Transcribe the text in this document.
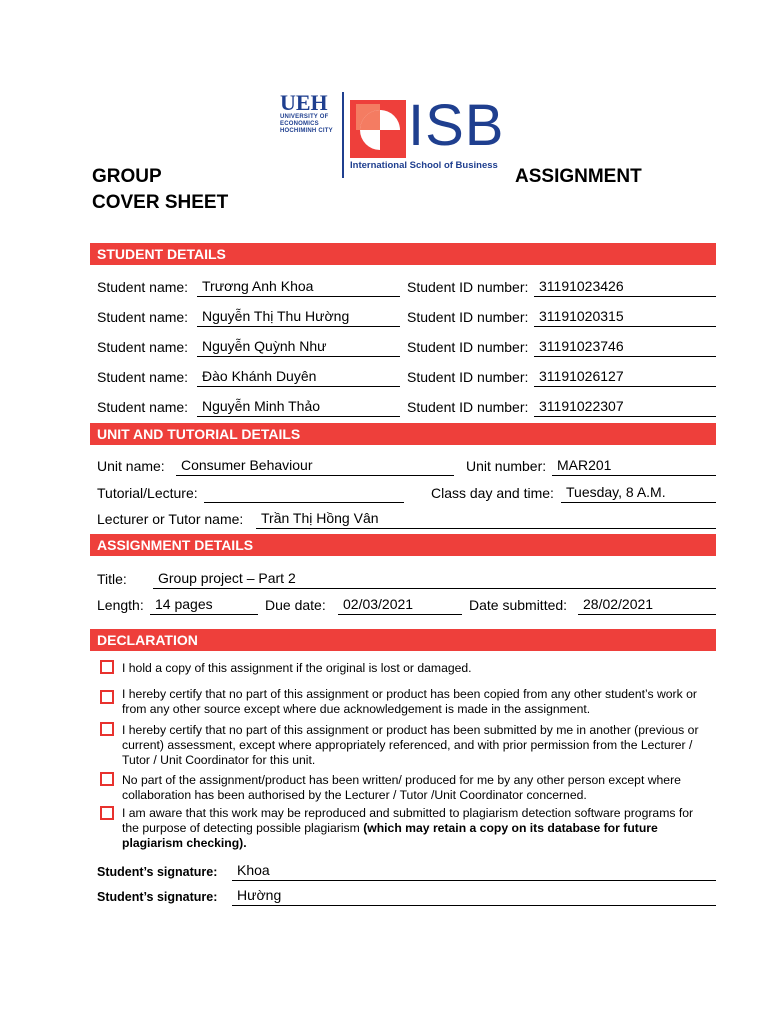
UEH
UNIVERSITY OF
ECONOMICS
HOCHIMINH CITY ISB
International School of Business
GROUP
COVER SHEET
ASSIGNMENT
STUDENT DETAILS
Student name: Trương Anh Khoa	Student ID number: 31191023426
Student name: Nguyễn Thị Thu Hường	Student ID number: 31191020315
Student name: Nguyễn Quỳnh Như	Student ID number: 31191023746
Student name: Đào Khánh Duyên	Student ID number: 31191026127
Student name: Nguyễn Minh Thảo	Student ID number: 31191022307
UNIT AND TUTORIAL DETAILS
Unit name:	Consumer Behaviour	Unit number: MAR201
Tutorial/Lecture:	Class day and time: Tuesday, 8 A.M.
Lecturer or Tutor name:	Trần Thị Hồng Vân
ASSIGNMENT DETAILS
Title:	Group project – Part 2
Length: 14 pages	Due date:	02/03/2021	Date submitted:	28/02/2021
DECLARATION
I hold a copy of this assignment if the original is lost or damaged.
I hereby certify that no part of this assignment or product has been copied from any other student’s work or from any other source except where due acknowledgement is made in the assignment.
I hereby certify that no part of this assignment or product has been submitted by me in another (previous or current) assessment, except where appropriately referenced, and with prior permission from the Lecturer / Tutor / Unit Coordinator for this unit.
No part of the assignment/product has been written/ produced for me by any other person except where collaboration has been authorised by the Lecturer / Tutor /Unit Coordinator concerned.
I am aware that this work may be reproduced and submitted to plagiarism detection software programs for the purpose of detecting possible plagiarism (which may retain a copy on its database for future plagiarism checking).
Student’s signature:	Khoa
Student’s signature:	Hường
